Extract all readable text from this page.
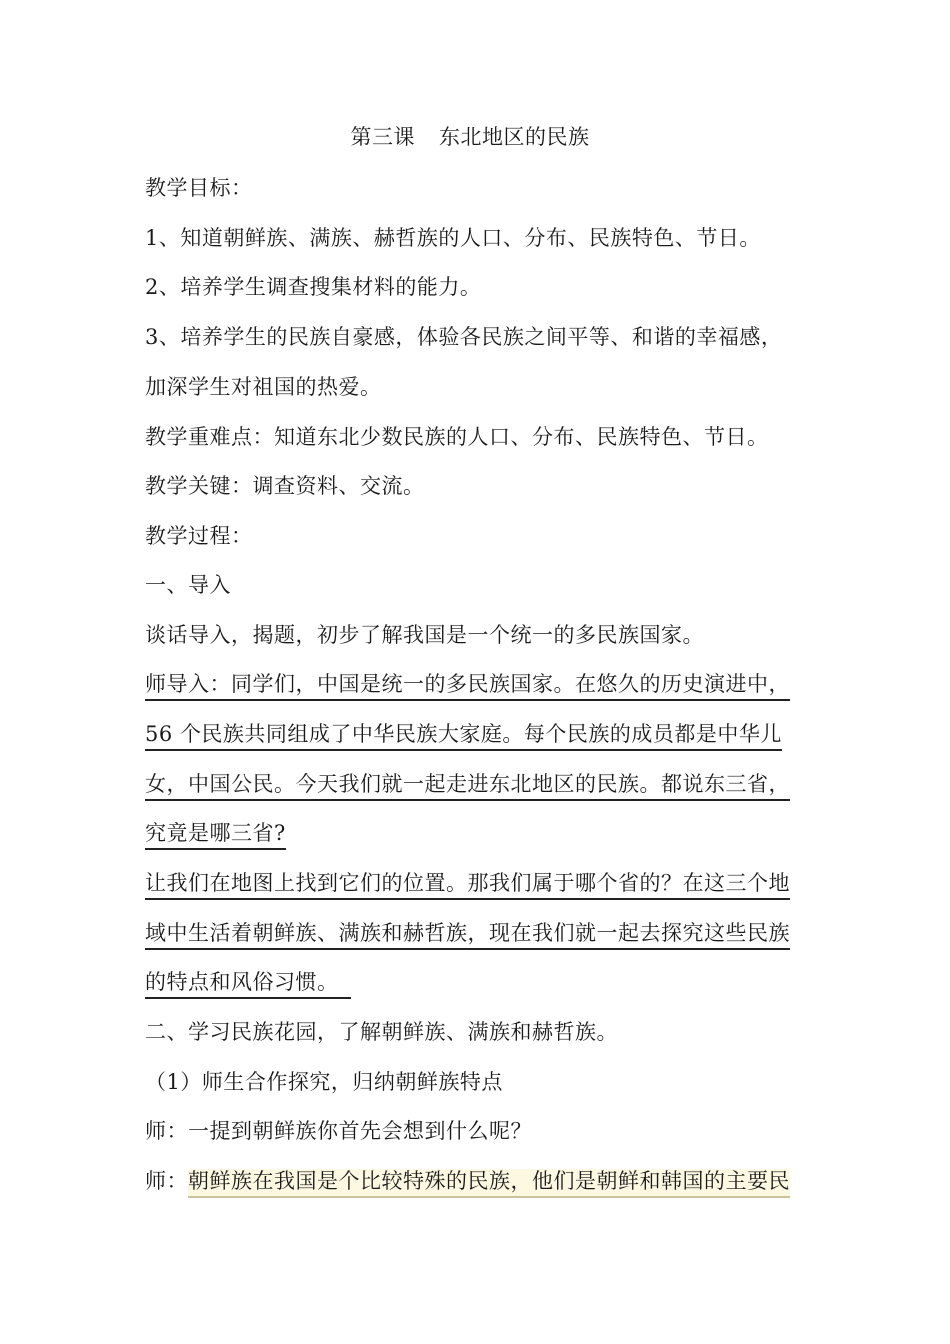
第三课 东北地区的民族
教学目标：
1、知道朝鲜族、满族、赫哲族的人口、分布、民族特色、节日。
2、培养学生调查搜集材料的能力。
3、培养学生的民族自豪感，体验各民族之间平等、和谐的幸福感，
加深学生对祖国的热爱。
教学重难点：知道东北少数民族的人口、分布、民族特色、节日。
教学关键：调查资料、交流。
教学过程：
一、导入
谈话导入，揭题，初步了解我国是一个统一的多民族国家。
师导入：同学们，中国是统一的多民族国家。在悠久的历史演进中，
56 个民族共同组成了中华民族大家庭。每个民族的成员都是中华儿
女，中国公民。今天我们就一起走进东北地区的民族。都说东三省，
究竟是哪三省?
让我们在地图上找到它们的位置。那我们属于哪个省的？在这三个地
域中生活着朝鲜族、满族和赫哲族，现在我们就一起去探究这些民族
的特点和风俗习惯。
二、学习民族花园，了解朝鲜族、满族和赫哲族。
（1）师生合作探究，归纳朝鲜族特点
师：一提到朝鲜族你首先会想到什么呢？
师：朝鲜族在我国是个比较特殊的民族，他们是朝鲜和韩国的主要民
